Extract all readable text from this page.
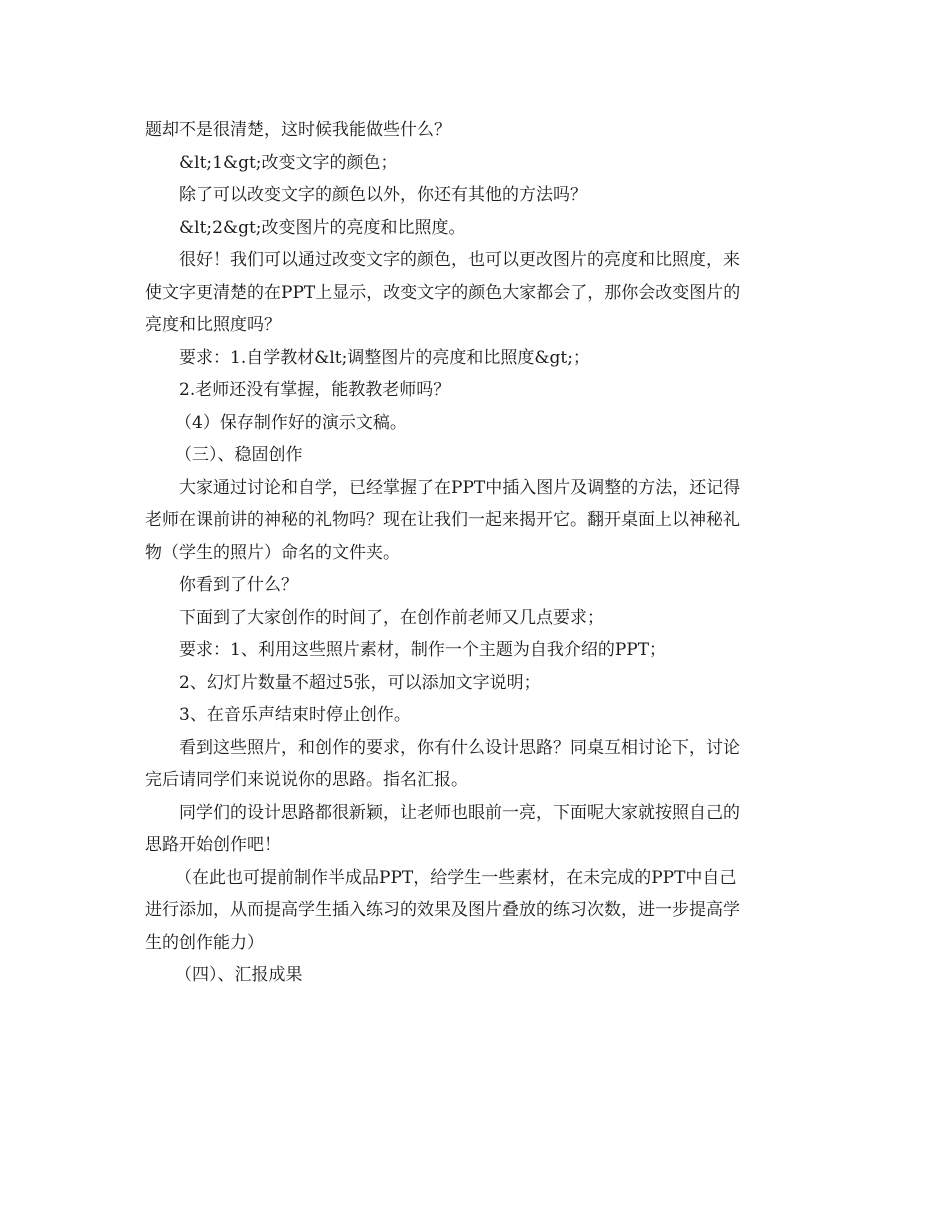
题却不是很清楚，这时候我能做些什么？

&lt;1&gt;改变文字的颜色；

除了可以改变文字的颜色以外，你还有其他的方法吗？

&lt;2&gt;改变图片的亮度和比照度。

很好！我们可以通过改变文字的颜色，也可以更改图片的亮度和比照度，来

使文字更清楚的在PPT上显示，改变文字的颜色大家都会了，那你会改变图片的

亮度和比照度吗？

要求：1.自学教材&lt;调整图片的亮度和比照度&gt;；

2.老师还没有掌握，能教教老师吗？

（4）保存制作好的演示文稿。

（三）、稳固创作

大家通过讨论和自学，已经掌握了在PPT中插入图片及调整的方法，还记得

老师在课前讲的神秘的礼物吗？现在让我们一起来揭开它。翻开桌面上以神秘礼

物（学生的照片）命名的文件夹。

你看到了什么？

下面到了大家创作的时间了，在创作前老师又几点要求；

要求：1、利用这些照片素材，制作一个主题为自我介绍的PPT；

2、幻灯片数量不超过5张，可以添加文字说明；

3、在音乐声结束时停止创作。

看到这些照片，和创作的要求，你有什么设计思路？同桌互相讨论下，讨论

完后请同学们来说说你的思路。指名汇报。

同学们的设计思路都很新颖，让老师也眼前一亮，下面呢大家就按照自己的

思路开始创作吧！

（在此也可提前制作半成品PPT，给学生一些素材，在未完成的PPT中自己

进行添加，从而提高学生插入练习的效果及图片叠放的练习次数，进一步提高学

生的创作能力）

（四）、汇报成果
